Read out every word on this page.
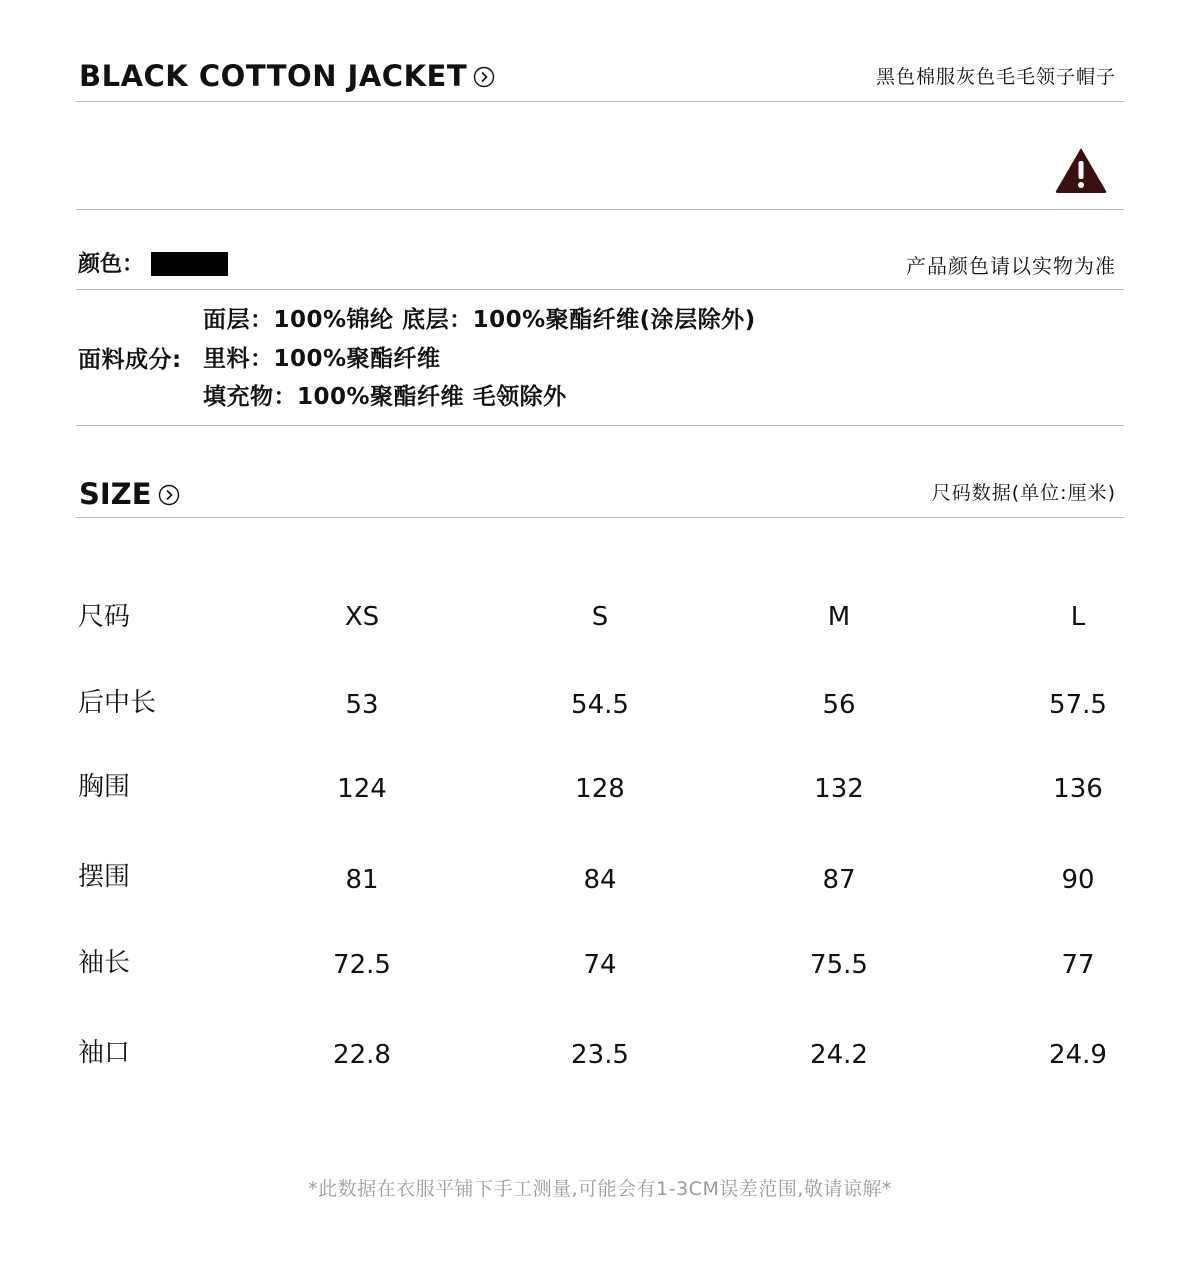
BLACK COTTON JACKET	黑色棉服灰色毛毛领子帽子
颜色：	产品颜色请以实物为准
面料成分:
面层：100%锦纶 底层：100%聚酯纤维(涂层除外)
里料：100%聚酯纤维
填充物：100%聚酯纤维 毛领除外
SIZE	尺码数据(单位:厘米)
尺码	XS	S	M	L
后中长	53	54.5	56	57.5
胸围	124	128	132	136
摆围	81	84	87	90
袖长	72.5	74	75.5	77
袖口	22.8	23.5	24.2	24.9
*此数据在衣服平铺下手工测量,可能会有1-3CM误差范围,敬请谅解*
